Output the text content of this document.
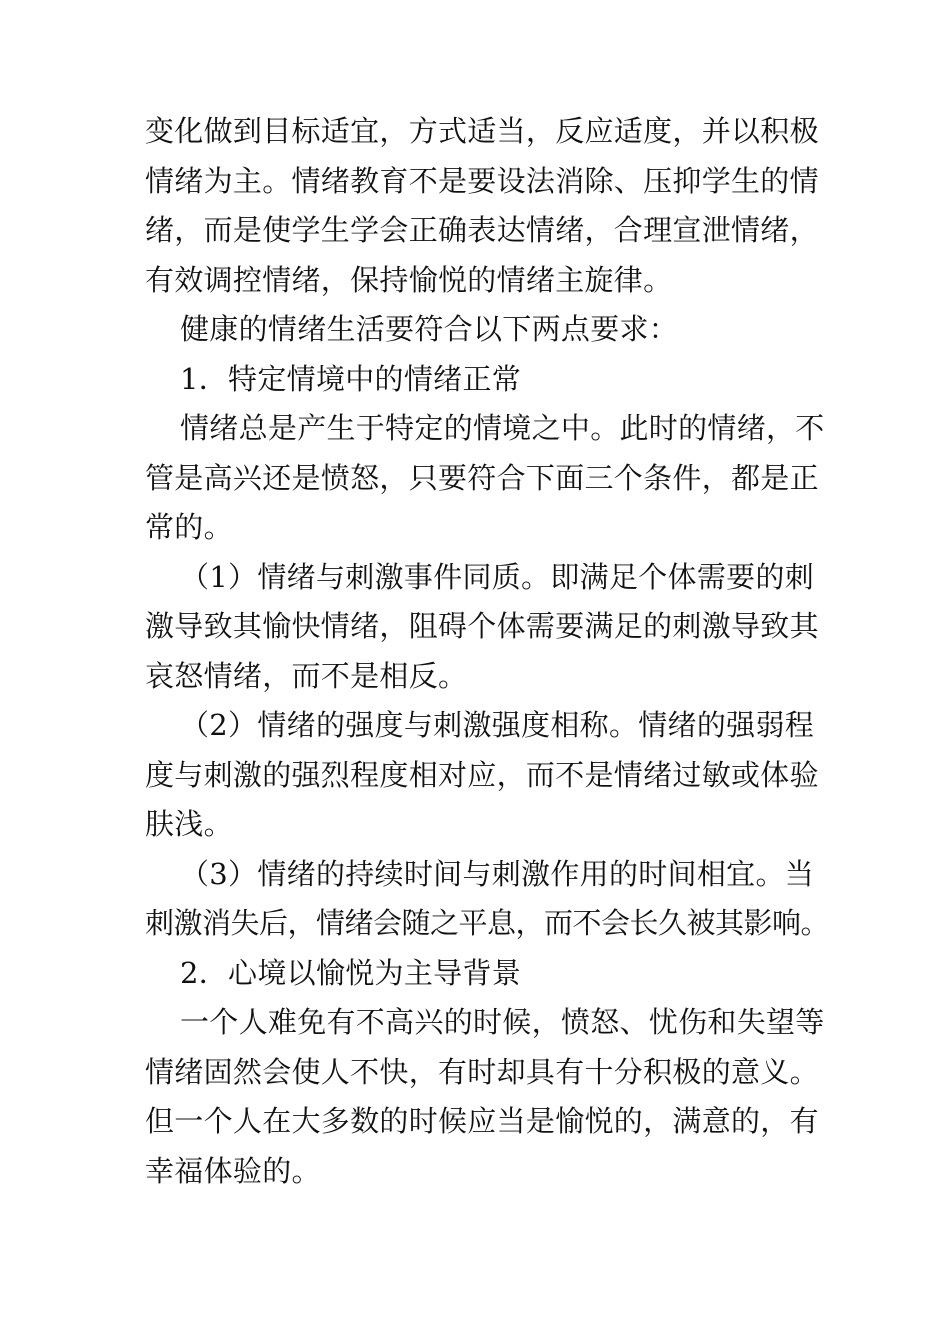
变化做到目标适宜，方式适当，反应适度，并以积极
情绪为主。情绪教育不是要设法消除、压抑学生的情
绪，而是使学生学会正确表达情绪，合理宣泄情绪，
有效调控情绪，保持愉悦的情绪主旋律。
健康的情绪生活要符合以下两点要求：
1．特定情境中的情绪正常
情绪总是产生于特定的情境之中。此时的情绪，不
管是高兴还是愤怒，只要符合下面三个条件，都是正
常的。
（1）情绪与刺激事件同质。即满足个体需要的刺
激导致其愉快情绪，阻碍个体需要满足的刺激导致其
哀怒情绪，而不是相反。
（2）情绪的强度与刺激强度相称。情绪的强弱程
度与刺激的强烈程度相对应，而不是情绪过敏或体验
肤浅。
（3）情绪的持续时间与刺激作用的时间相宜。当
刺激消失后，情绪会随之平息，而不会长久被其影响。
2．心境以愉悦为主导背景
一个人难免有不高兴的时候，愤怒、忧伤和失望等
情绪固然会使人不快，有时却具有十分积极的意义。
但一个人在大多数的时候应当是愉悦的，满意的，有
幸福体验的。
